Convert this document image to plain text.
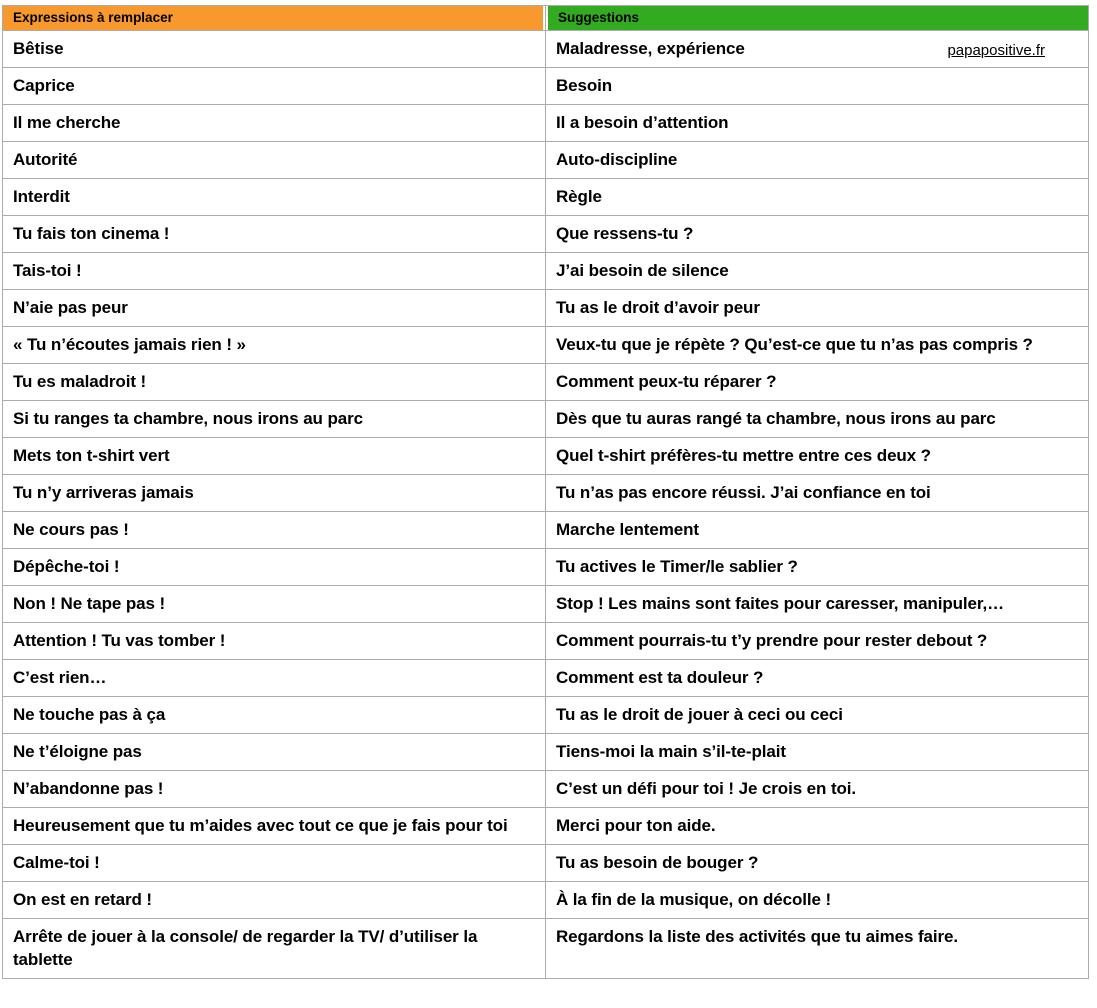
Expressions à remplacer	Suggestions

Bêtise	Maladresse, expérience papapositive.fr

Caprice	Besoin
Il me cherche	Il a besoin d’attention
Autorité	Auto-discipline
Interdit	Règle
Tu fais ton cinema !	Que ressens-tu ?
Tais-toi !	J’ai besoin de silence
N’aie pas peur	Tu as le droit d’avoir peur
« Tu n’écoutes jamais rien ! »	Veux-tu que je répète ? Qu’est-ce que tu n’as pas compris ?
Tu es maladroit !	Comment peux-tu réparer ?
Si tu ranges ta chambre, nous irons au parc	Dès que tu auras rangé ta chambre, nous irons au parc
Mets ton t-shirt vert	Quel t-shirt préfères-tu mettre entre ces deux ?
Tu n’y arriveras jamais	Tu n’as pas encore réussi. J’ai confiance en toi
Ne cours pas !	Marche lentement
Dépêche-toi !	Tu actives le Timer/le sablier ?
Non ! Ne tape pas !	Stop ! Les mains sont faites pour caresser, manipuler,…
Attention ! Tu vas tomber !	Comment pourrais-tu t’y prendre pour rester debout ?
C’est rien…	Comment est ta douleur ?
Ne touche pas à ça	Tu as le droit de jouer à ceci ou ceci
Ne t’éloigne pas	Tiens-moi la main s’il-te-plait
N’abandonne pas !	C’est un défi pour toi ! Je crois en toi.
Heureusement que tu m’aides avec tout ce que je fais pour toi	Merci pour ton aide.
Calme-toi !	Tu as besoin de bouger ?
On est en retard !	À la fin de la musique, on décolle !
Arrête de jouer à la console/ de regarder la TV/ d’utiliser la tablette	Regardons la liste des activités que tu aimes faire.
